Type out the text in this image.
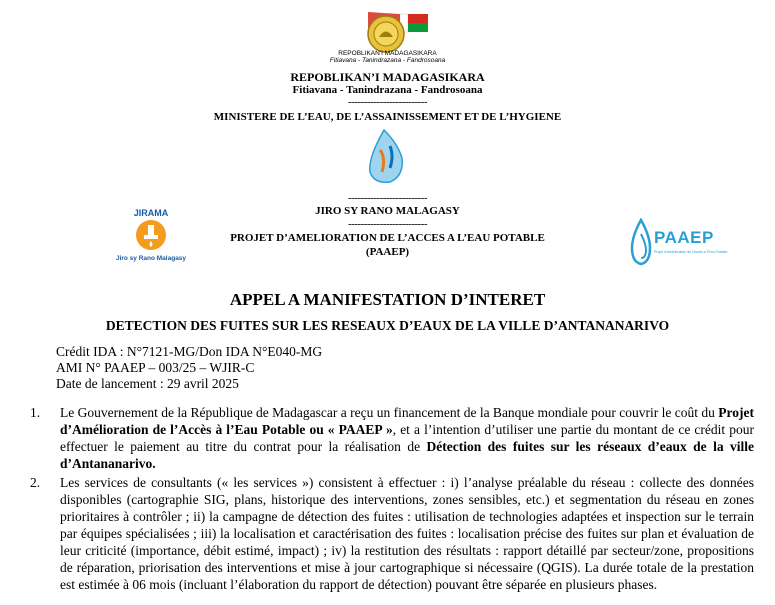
REPOBLIKAN'I MADAGASIKARA
Fitiavana - Tanindrazana - Fandrosoana
REPOBLIKAN’I MADAGASIKARA
Fitiavana - Tanindrazana - Fandrosoana
-------------------------
MINISTERE DE L’EAU, DE L’ASSAINISSEMENT ET DE L’HYGIENE
-------------------------
JIRO SY RANO MALAGASY
-------------------------
PROJET D’AMELIORATION DE L’ACCES A L’EAU POTABLE
(PAAEP)
JIRAMA
Jiro sy Rano Malagasy
PAAEP
Projet d'Amélioration de l'Accès à l'Eau Potable
APPEL A MANIFESTATION D’INTERET
DETECTION DES FUITES SUR LES RESEAUX D’EAUX DE LA VILLE D’ANTANANARIVO
Crédit IDA : N°7121-MG/Don IDA N°E040-MG
AMI N° PAAEP – 003/25 – WJIR-C
Date de lancement : 29 avril 2025
1. Le Gouvernement de la République de Madagascar a reçu un financement de la Banque mondiale pour couvrir le coût du Projet d’Amélioration de l’Accès à l’Eau Potable ou « PAAEP », et a l’intention d’utiliser une partie du montant de ce crédit pour effectuer le paiement au titre du contrat pour la réalisation de Détection des fuites sur les réseaux d’eaux de la ville d’Antananarivo.
2. Les services de consultants (« les services ») consistent à effectuer : i) l’analyse préalable du réseau : collecte des données disponibles (cartographie SIG, plans, historique des interventions, zones sensibles, etc.) et segmentation du réseau en zones prioritaires à contrôler ; ii) la campagne de détection des fuites : utilisation de technologies adaptées et inspection sur le terrain par équipes spécialisées ; iii) la localisation et caractérisation des fuites : localisation précise des fuites sur plan et évaluation de leur criticité (importance, débit estimé, impact) ; iv) la restitution des résultats : rapport détaillé par secteur/zone, propositions de réparation, priorisation des interventions et mise à jour cartographique si nécessaire (QGIS). La durée totale de la prestation est estimée à 06 mois (incluant l’élaboration du rapport de détection) pouvant être séparée en plusieurs phases.
